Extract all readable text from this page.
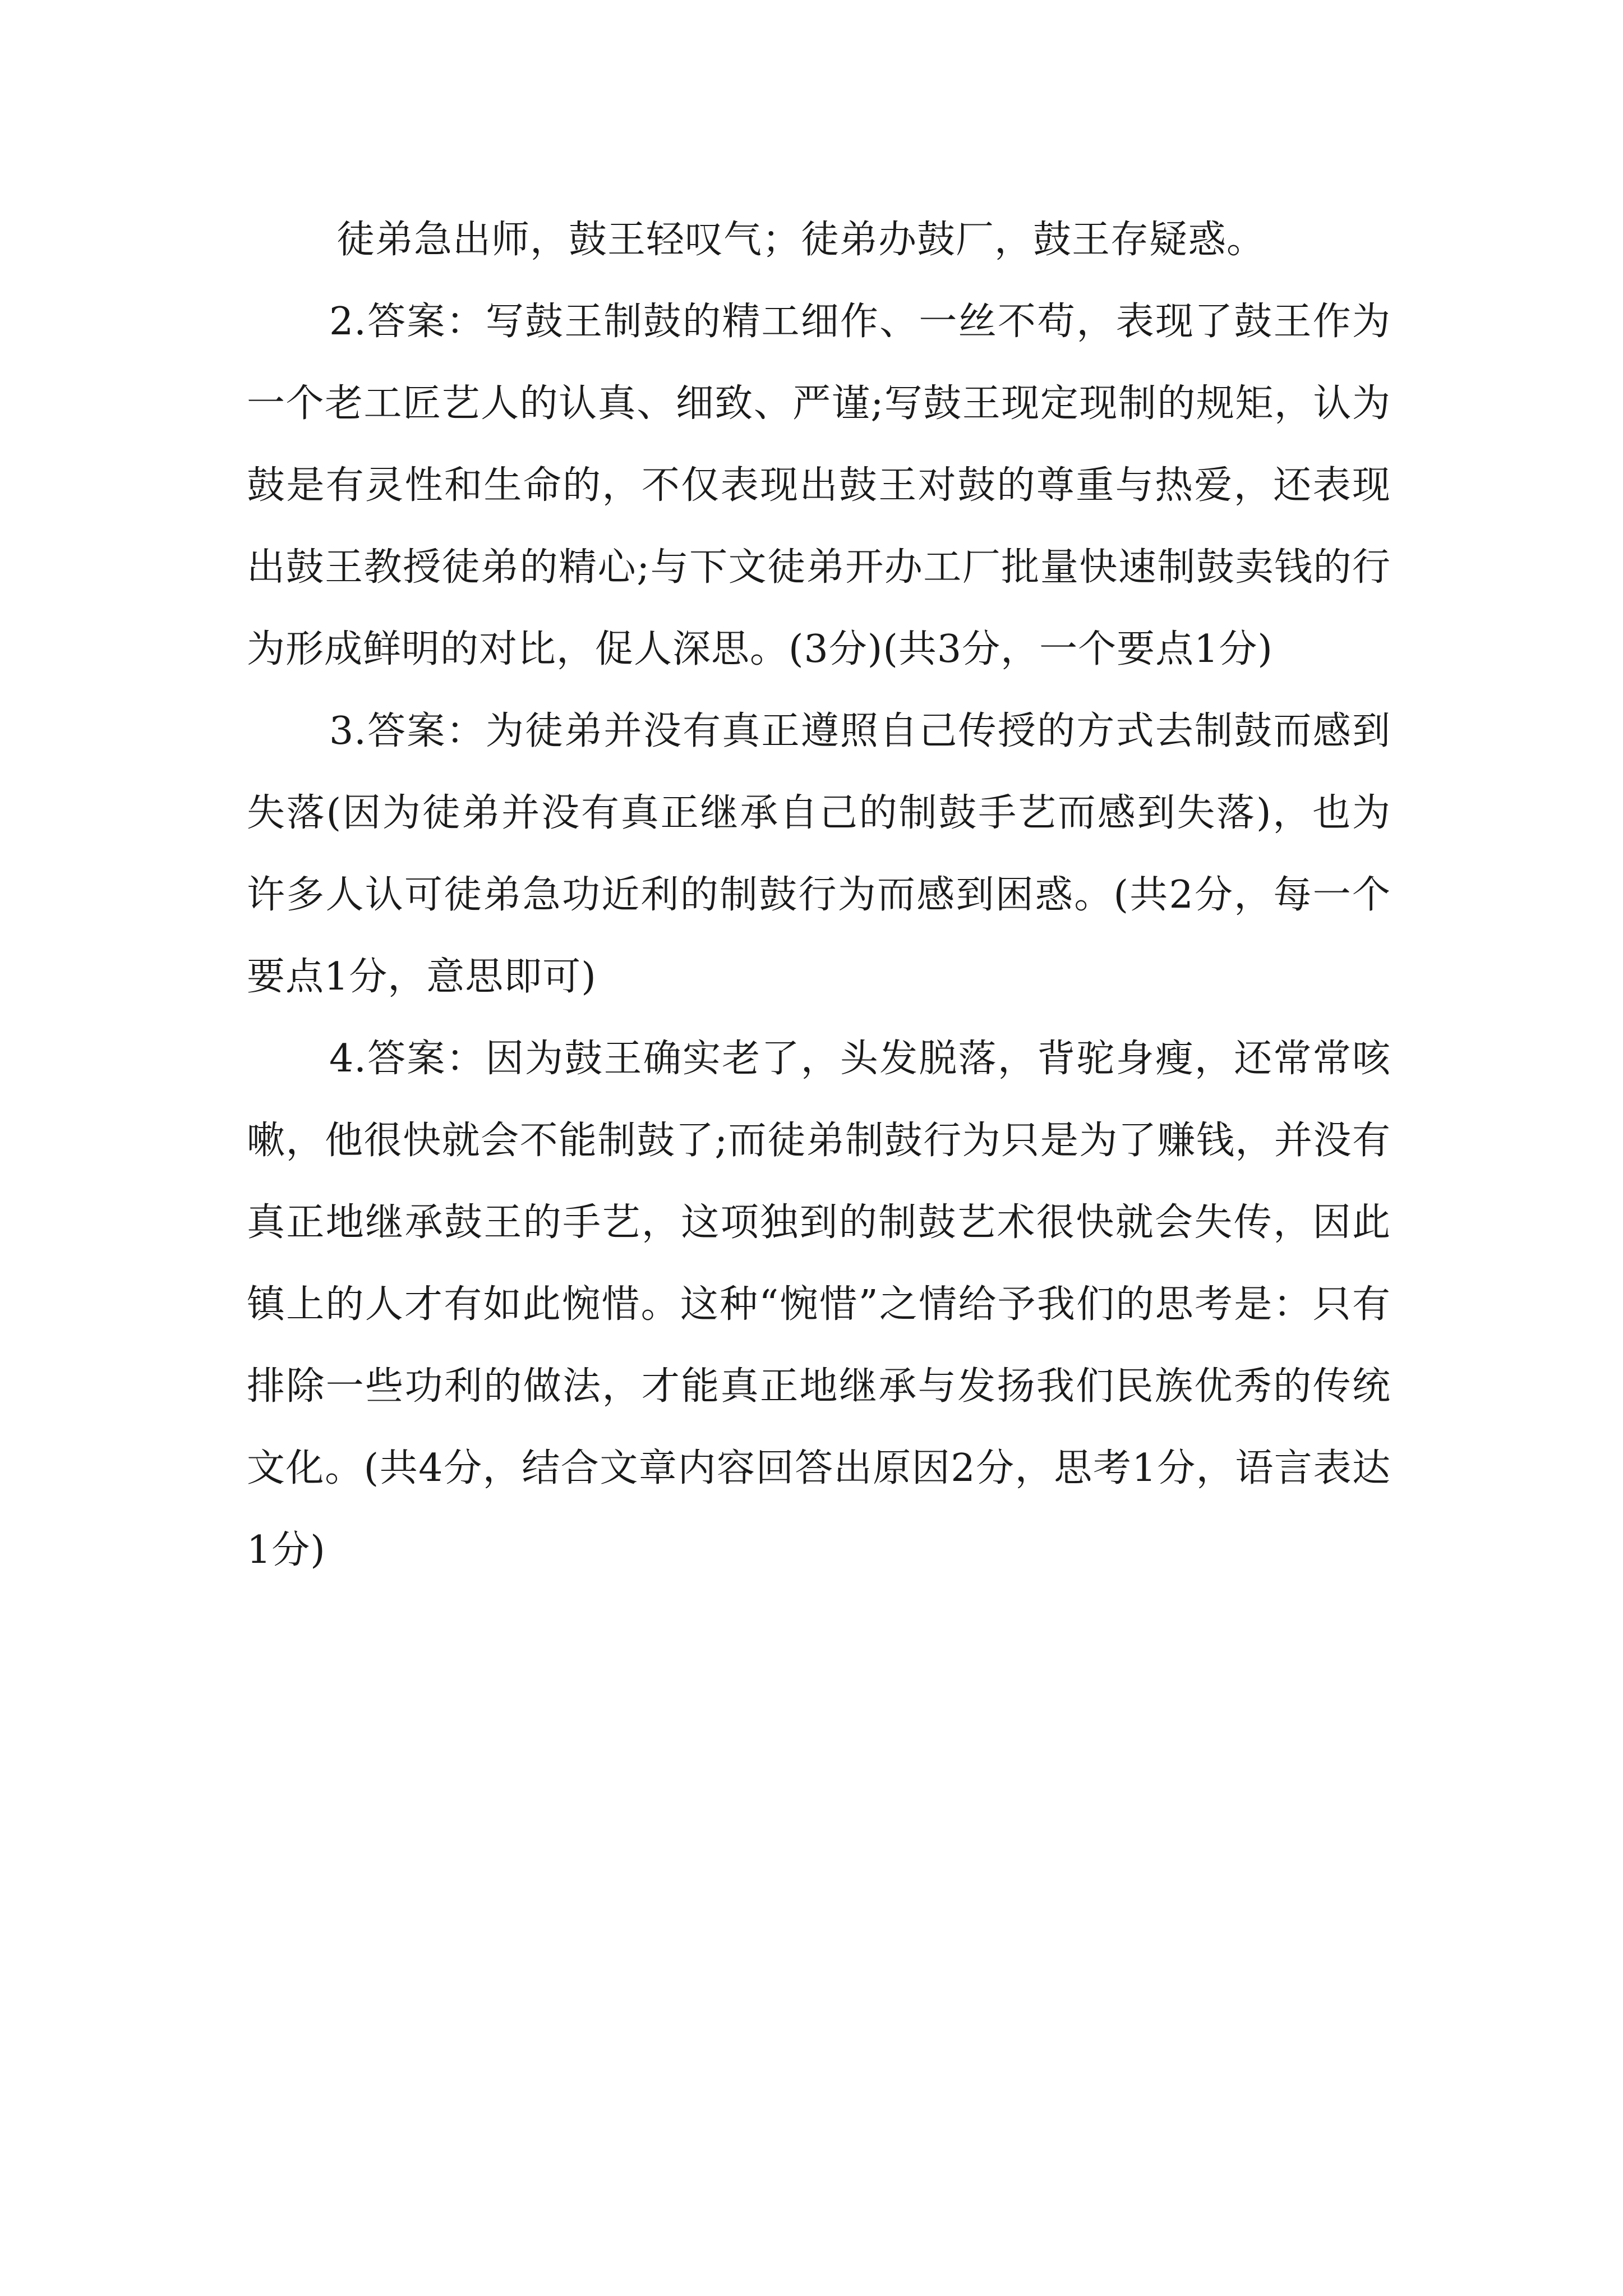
徒弟急出师，鼓王轻叹气；徒弟办鼓厂，鼓王存疑惑。

2.答案：写鼓王制鼓的精工细作、一丝不苟，表现了鼓王作为一个老工匠艺人的认真、细致、严谨;写鼓王现定现制的规矩，认为鼓是有灵性和生命的，不仅表现出鼓王对鼓的尊重与热爱，还表现出鼓王教授徒弟的精心;与下文徒弟开办工厂批量快速制鼓卖钱的行为形成鲜明的对比，促人深思。(3分)(共3分，一个要点1分)

3.答案：为徒弟并没有真正遵照自己传授的方式去制鼓而感到失落(因为徒弟并没有真正继承自己的制鼓手艺而感到失落)，也为许多人认可徒弟急功近利的制鼓行为而感到困惑。(共2分，每一个要点1分，意思即可)

4.答案：因为鼓王确实老了，头发脱落，背驼身瘦，还常常咳嗽，他很快就会不能制鼓了;而徒弟制鼓行为只是为了赚钱，并没有真正地继承鼓王的手艺，这项独到的制鼓艺术很快就会失传，因此镇上的人才有如此惋惜。这种“惋惜”之情给予我们的思考是：只有排除一些功利的做法，才能真正地继承与发扬我们民族优秀的传统文化。(共4分，结合文章内容回答出原因2分，思考1分，语言表达1分)
